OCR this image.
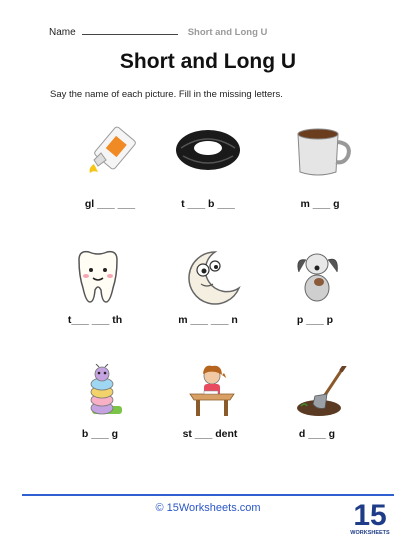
Name	Short and Long U
Short and Long U
Say the name of each picture. Fill in the missing letters.
gl ___ ___	t ___ b ___	m ___ g
t___ ___ th	m ___ ___ n	p ___ p
b ___ g	st ___ dent	d ___ g
© 15Worksheets.com	15
WORKSHEETS
